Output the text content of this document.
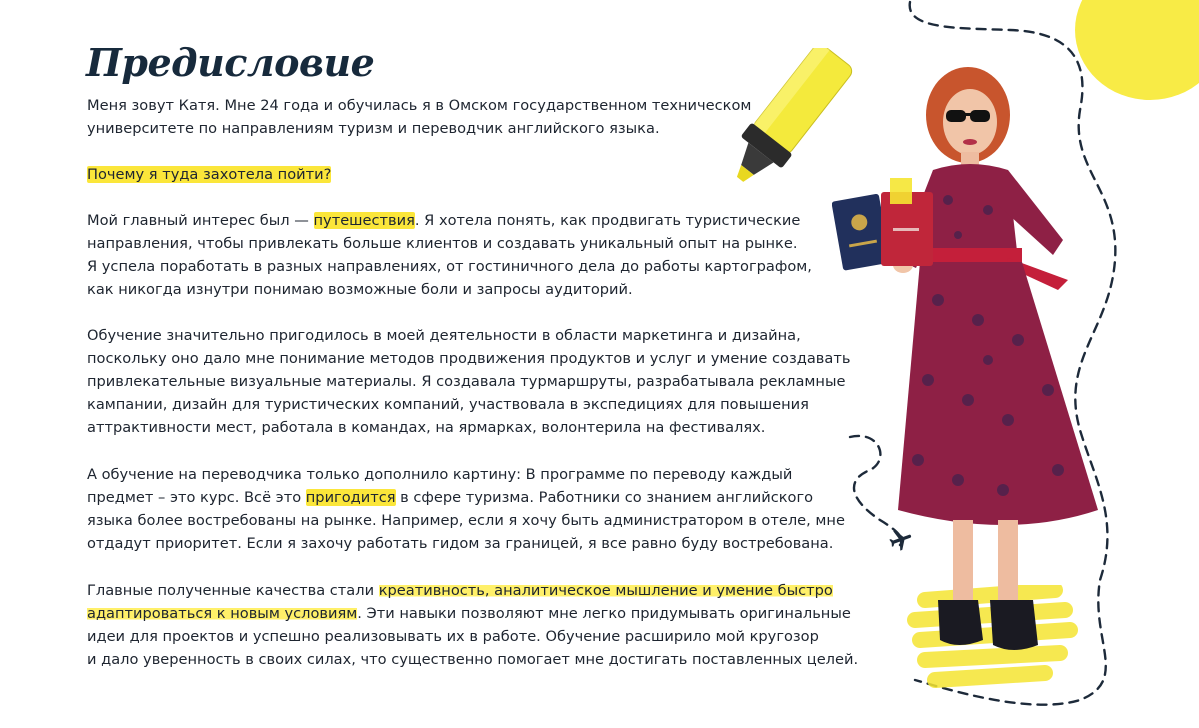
Предисловие
Меня зовут Катя. Мне 24 года и обучилась я в Омском государственном техническом
университете по направлениям туризм и переводчик английского языка.
Почему я туда захотела пойти?
Мой главный интерес был — путешествия. Я хотела понять, как продвигать туристические
направления, чтобы привлекать больше клиентов и создавать уникальный опыт на рынке.
Я успела поработать в разных направлениях, от гостиничного дела до работы картографом,
как никогда изнутри понимаю возможные боли и запросы аудиторий.
Обучение значительно пригодилось в моей деятельности в области маркетинга и дизайна,
поскольку оно дало мне понимание методов продвижения продуктов и услуг и умение создавать
привлекательные визуальные материалы. Я создавала турмаршруты, разрабатывала рекламные
кампании, дизайн для туристических компаний, участвовала в экспедициях для повышения
аттрактивности мест, работала в командах, на ярмарках, волонтерила на фестивалях.
А обучение на переводчика только дополнило картину: В программе по переводу каждый
предмет – это курс. Всё это пригодится в сфере туризма. Работники со знанием английского
языка более востребованы на рынке. Например, если я хочу быть администратором в отеле, мне
отдадут приоритет. Если я захочу работать гидом за границей, я все равно буду востребована.
Главные полученные качества стали креативность, аналитическое мышление и умение быстро
адаптироваться к новым условиям. Эти навыки позволяют мне легко придумывать оригинальные
идеи для проектов и успешно реализовывать их в работе. Обучение расширило мой кругозор
и дало уверенность в своих силах, что существенно помогает мне достигать поставленных целей.
